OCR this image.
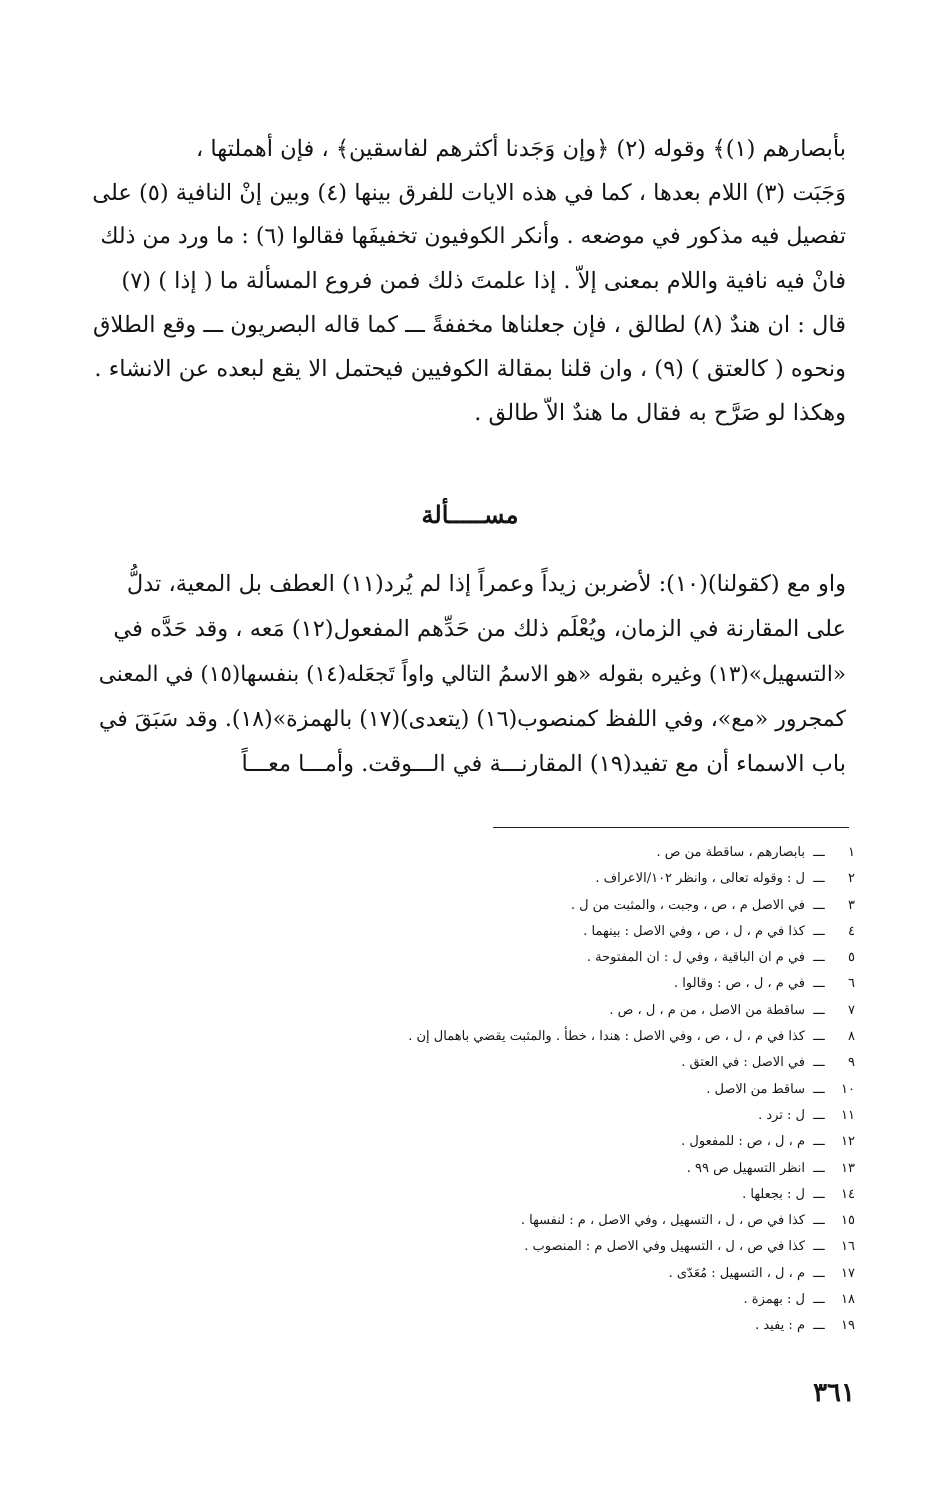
بأبصارهم (١)﴾ وقوله (٢) ﴿وإن وَجَدنا أكثرهم لفاسقين﴾ ، فإن أهملتها ،
وَجَبَت (٣) اللام بعدها ، كما في هذه الايات للفرق بينها (٤) وبين إنْ النافية (٥) على
تفصيل فيه مذكور في موضعه . وأنكر الكوفيون تخفيفَها فقالوا (٦) : ما ورد من ذلك
فانْ فيه نافية واللام بمعنى إلاّ . إذا علمتَ ذلك فمن فروع المسألة ما ( إذا ) (٧)
قال : ان هندٌ (٨) لطالق ، فإن جعلناها مخففةً ـــ كما قاله البصريون ـــ وقع الطلاق
ونحوه ( كالعتق ) (٩) ، وان قلنا بمقالة الكوفيين فيحتمل الا يقع لبعده عن الانشاء .
وهكذا لو صَرَّح به فقال ما هندٌ الاّ طالق .
مســـــألة
واو مع (كقولنا)(١٠): لأضربن زيداً وعمراً إذا لم يُرد(١١) العطف بل المعية، تدلُّ
على المقارنة في الزمان، ويُعْلَم ذلك من حَدِّهم المفعول(١٢) مَعه ، وقد حَدَّه في
«التسهيل»(١٣) وغيره بقوله «هو الاسمُ التالي واواً تَجعَله(١٤) بنفسها(١٥) في المعنى
كمجرور «مع»، وفي اللفظ كمنصوب(١٦) (يتعدى)(١٧) بالهمزة»(١٨). وقد سَبَقَ في
باب الاسماء أن مع تفيد(١٩) المقارنـــة في الـــوقت. وأمـــا معـــاً
١ـــبابصارهم ، ساقطة من ص .
٢ـــل : وقوله تعالى ، وانظر ١٠٢/الاعراف .
٣ـــفي الاصل م ، ص ، وجبت ، والمثبت من ل .
٤ـــكذا في م ، ل ، ص ، وفي الاصل : بينهما .
٥ـــفي م ان الباقية ، وفي ل : ان المفتوحة .
٦ـــفي م ، ل ، ص : وقالوا .
٧ـــساقطة من الاصل ، من م ، ل ، ص .
٨ـــكذا في م ، ل ، ص ، وفي الاصل : هندا ، خطأ . والمثبت يقضي باهمال إن .
٩ـــفي الاصل : في العتق .
١٠ـــساقط من الاصل .
١١ـــل : ترد .
١٢ـــم ، ل ، ص : للمفعول .
١٣ـــانظر التسهيل ص ٩٩ .
١٤ـــل : بجعلها .
١٥ـــكذا في ص ، ل ، التسهيل ، وفي الاصل ، م : لنفسها .
١٦ـــكذا في ص ، ل ، التسهيل وفي الاصل م : المنصوب .
١٧ـــم ، ل ، التسهيل : مُعَدّى .
١٨ـــل : بهمزة .
١٩ـــم : يفيد .
٣٦١
